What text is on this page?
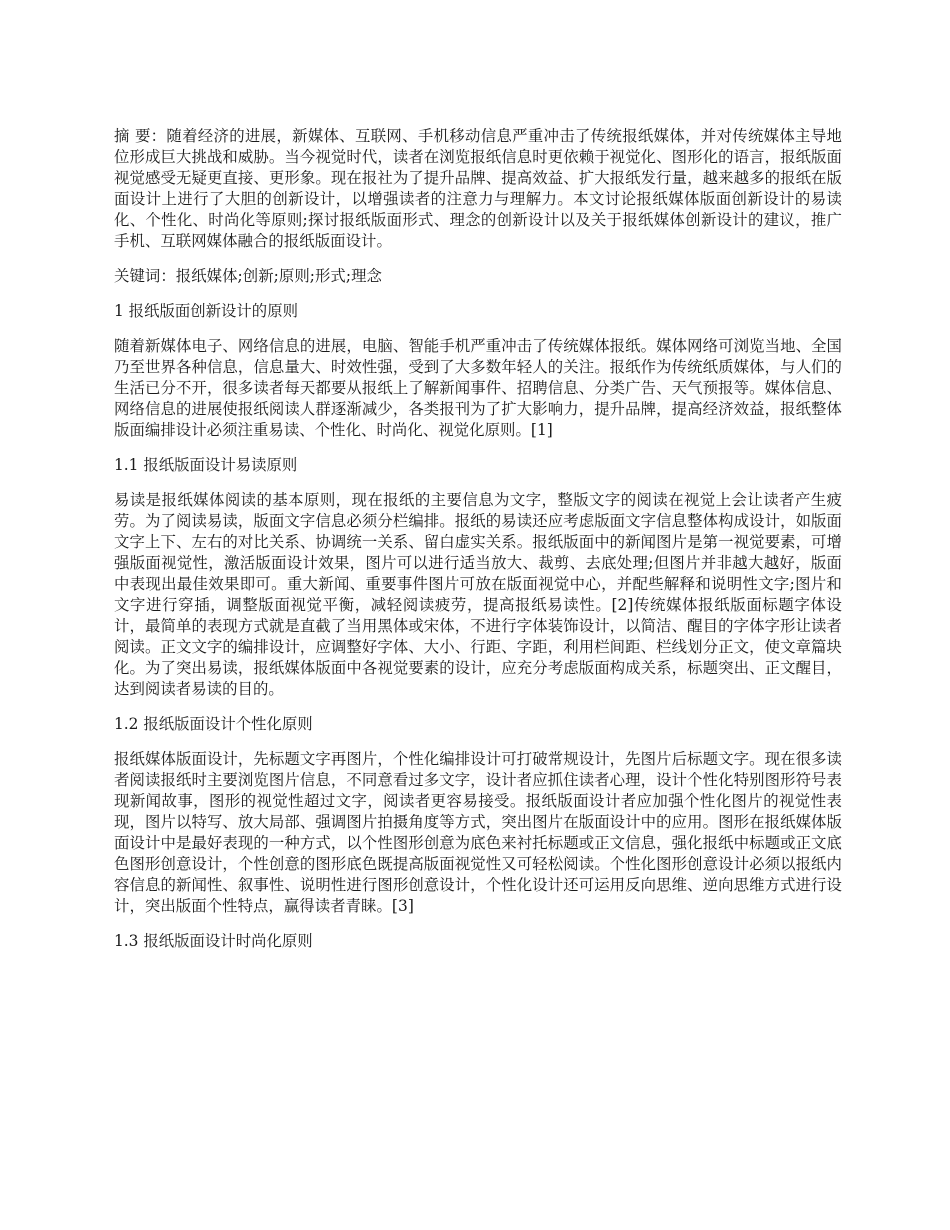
摘 要：随着经济的进展，新媒体、互联网、手机移动信息严重冲击了传统报纸媒体，并对传统媒体主导地位形成巨大挑战和威胁。当今视觉时代，读者在浏览报纸信息时更依赖于视觉化、图形化的语言，报纸版面视觉感受无疑更直接、更形象。现在报社为了提升品牌、提高效益、扩大报纸发行量，越来越多的报纸在版面设计上进行了大胆的创新设计，以增强读者的注意力与理解力。本文讨论报纸媒体版面创新设计的易读化、个性化、时尚化等原则;探讨报纸版面形式、理念的创新设计以及关于报纸媒体创新设计的建议，推广手机、互联网媒体融合的报纸版面设计。

关键词：报纸媒体;创新;原则;形式;理念

1 报纸版面创新设计的原则

随着新媒体电子、网络信息的进展，电脑、智能手机严重冲击了传统媒体报纸。媒体网络可浏览当地、全国乃至世界各种信息，信息量大、时效性强，受到了大多数年轻人的关注。报纸作为传统纸质媒体，与人们的生活已分不开，很多读者每天都要从报纸上了解新闻事件、招聘信息、分类广告、天气预报等。媒体信息、网络信息的进展使报纸阅读人群逐渐减少，各类报刊为了扩大影响力，提升品牌，提高经济效益，报纸整体版面编排设计必须注重易读、个性化、时尚化、视觉化原则。[1]

1.1 报纸版面设计易读原则

易读是报纸媒体阅读的基本原则，现在报纸的主要信息为文字，整版文字的阅读在视觉上会让读者产生疲劳。为了阅读易读，版面文字信息必须分栏编排。报纸的易读还应考虑版面文字信息整体构成设计，如版面文字上下、左右的对比关系、协调统一关系、留白虚实关系。报纸版面中的新闻图片是第一视觉要素，可增强版面视觉性，激活版面设计效果，图片可以进行适当放大、裁剪、去底处理;但图片并非越大越好，版面中表现出最佳效果即可。重大新闻、重要事件图片可放在版面视觉中心，并配些解释和说明性文字;图片和文字进行穿插，调整版面视觉平衡，减轻阅读疲劳，提高报纸易读性。[2]传统媒体报纸版面标题字体设计，最简单的表现方式就是直截了当用黑体或宋体，不进行字体装饰设计，以简洁、醒目的字体字形让读者阅读。正文文字的编排设计，应调整好字体、大小、行距、字距，利用栏间距、栏线划分正文，使文章篇块化。为了突出易读，报纸媒体版面中各视觉要素的设计，应充分考虑版面构成关系，标题突出、正文醒目，达到阅读者易读的目的。

1.2 报纸版面设计个性化原则

报纸媒体版面设计，先标题文字再图片，个性化编排设计可打破常规设计，先图片后标题文字。现在很多读者阅读报纸时主要浏览图片信息，不同意看过多文字，设计者应抓住读者心理，设计个性化特别图形符号表现新闻故事，图形的视觉性超过文字，阅读者更容易接受。报纸版面设计者应加强个性化图片的视觉性表现，图片以特写、放大局部、强调图片拍摄角度等方式，突出图片在版面设计中的应用。图形在报纸媒体版面设计中是最好表现的一种方式，以个性图形创意为底色来衬托标题或正文信息，强化报纸中标题或正文底色图形创意设计，个性创意的图形底色既提高版面视觉性又可轻松阅读。个性化图形创意设计必须以报纸内容信息的新闻性、叙事性、说明性进行图形创意设计，个性化设计还可运用反向思维、逆向思维方式进行设计，突出版面个性特点，赢得读者青睐。[3]

1.3 报纸版面设计时尚化原则
